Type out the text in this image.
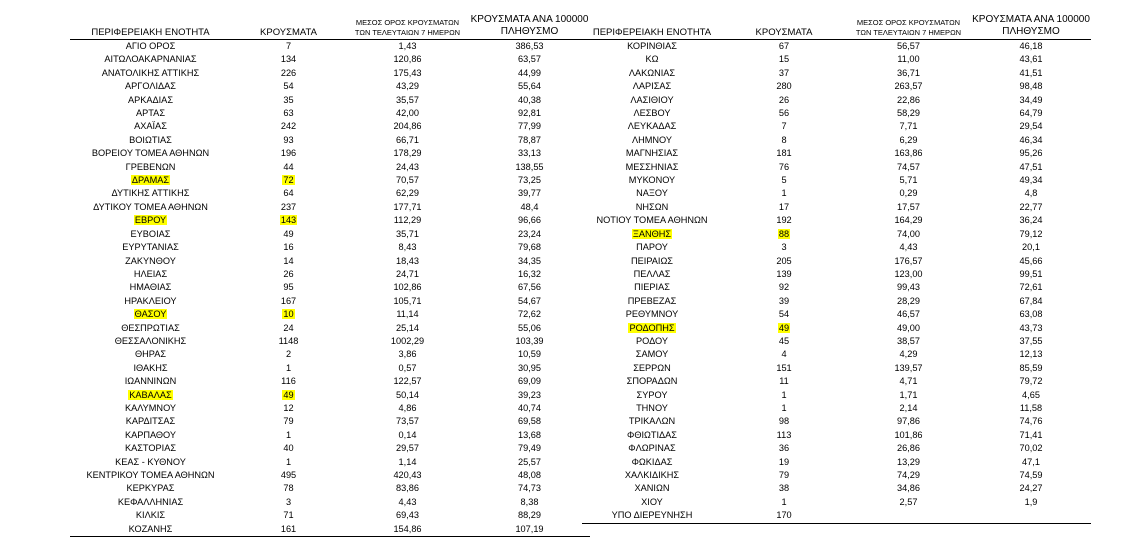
ΠΕΡΙΦΕΡΕΙΑΚΗ ΕΝΟΤΗΤΑ	ΚΡΟΥΣΜΑΤΑ	ΜΕΣΟΣ ΟΡΟΣ ΚΡΟΥΣΜΑΤΩΝ
ΤΩΝ ΤΕΛΕΥΤΑΙΩΝ 7 ΗΜΕΡΩΝ	ΚΡΟΥΣΜΑΤΑ ΑΝΑ 100000
ΠΛΗΘΥΣΜΟ
ΑΓΙΟ ΟΡΟΣ	7	1,43	386,53
ΑΙΤΩΛΟΑΚΑΡΝΑΝΙΑΣ	134	120,86	63,57
ΑΝΑΤΟΛΙΚΗΣ ΑΤΤΙΚΗΣ	226	175,43	44,99
ΑΡΓΟΛΙΔΑΣ	54	43,29	55,64
ΑΡΚΑΔΙΑΣ	35	35,57	40,38
ΑΡΤΑΣ	63	42,00	92,81
ΑΧΑΪΑΣ	242	204,86	77,99
ΒΟΙΩΤΙΑΣ	93	66,71	78,87
ΒΟΡΕΙΟΥ ΤΟΜΕΑ ΑΘΗΝΩΝ	196	178,29	33,13
ΓΡΕΒΕΝΩΝ	44	24,43	138,55
ΔΡΑΜΑΣ	72	70,57	73,25
ΔΥΤΙΚΗΣ ΑΤΤΙΚΗΣ	64	62,29	39,77
ΔΥΤΙΚΟΥ ΤΟΜΕΑ ΑΘΗΝΩΝ	237	177,71	48,4
ΕΒΡΟΥ	143	112,29	96,66
ΕΥΒΟΙΑΣ	49	35,71	23,24
ΕΥΡΥΤΑΝΙΑΣ	16	8,43	79,68
ΖΑΚΥΝΘΟΥ	14	18,43	34,35
ΗΛΕΙΑΣ	26	24,71	16,32
ΗΜΑΘΙΑΣ	95	102,86	67,56
ΗΡΑΚΛΕΙΟΥ	167	105,71	54,67
ΘΑΣΟΥ	10	11,14	72,62
ΘΕΣΠΡΩΤΙΑΣ	24	25,14	55,06
ΘΕΣΣΑΛΟΝΙΚΗΣ	1148	1002,29	103,39
ΘΗΡΑΣ	2	3,86	10,59
ΙΘΑΚΗΣ	1	0,57	30,95
ΙΩΑΝΝΙΝΩΝ	116	122,57	69,09
ΚΑΒΑΛΑΣ	49	50,14	39,23
ΚΑΛΥΜΝΟΥ	12	4,86	40,74
ΚΑΡΔΙΤΣΑΣ	79	73,57	69,58
ΚΑΡΠΑΘΟΥ	1	0,14	13,68
ΚΑΣΤΟΡΙΑΣ	40	29,57	79,49
ΚΕΑΣ - ΚΥΘΝΟΥ	1	1,14	25,57
ΚΕΝΤΡΙΚΟΥ ΤΟΜΕΑ ΑΘΗΝΩΝ	495	420,43	48,08
ΚΕΡΚΥΡΑΣ	78	83,86	74,73
ΚΕΦΑΛΛΗΝΙΑΣ	3	4,43	8,38
ΚΙΛΚΙΣ	71	69,43	88,29
ΚΟΖΑΝΗΣ	161	154,86	107,19
ΠΕΡΙΦΕΡΕΙΑΚΗ ΕΝΟΤΗΤΑ	ΚΡΟΥΣΜΑΤΑ	ΜΕΣΟΣ ΟΡΟΣ ΚΡΟΥΣΜΑΤΩΝ
ΤΩΝ ΤΕΛΕΥΤΑΙΩΝ 7 ΗΜΕΡΩΝ	ΚΡΟΥΣΜΑΤΑ ΑΝΑ 100000
ΠΛΗΘΥΣΜΟ
ΚΟΡΙΝΘΙΑΣ	67	56,57	46,18
ΚΩ	15	11,00	43,61
ΛΑΚΩΝΙΑΣ	37	36,71	41,51
ΛΑΡΙΣΑΣ	280	263,57	98,48
ΛΑΣΙΘΙΟΥ	26	22,86	34,49
ΛΕΣΒΟΥ	56	58,29	64,79
ΛΕΥΚΑΔΑΣ	7	7,71	29,54
ΛΗΜΝΟΥ	8	6,29	46,34
ΜΑΓΝΗΣΙΑΣ	181	163,86	95,26
ΜΕΣΣΗΝΙΑΣ	76	74,57	47,51
ΜΥΚΟΝΟΥ	5	5,71	49,34
ΝΑΞΟΥ	1	0,29	4,8
ΝΗΣΩΝ	17	17,57	22,77
ΝΟΤΙΟΥ ΤΟΜΕΑ ΑΘΗΝΩΝ	192	164,29	36,24
ΞΑΝΘΗΣ	88	74,00	79,12
ΠΑΡΟΥ	3	4,43	20,1
ΠΕΙΡΑΙΩΣ	205	176,57	45,66
ΠΕΛΛΑΣ	139	123,00	99,51
ΠΙΕΡΙΑΣ	92	99,43	72,61
ΠΡΕΒΕΖΑΣ	39	28,29	67,84
ΡΕΘΥΜΝΟΥ	54	46,57	63,08
ΡΟΔΟΠΗΣ	49	49,00	43,73
ΡΟΔΟΥ	45	38,57	37,55
ΣΑΜΟΥ	4	4,29	12,13
ΣΕΡΡΩΝ	151	139,57	85,59
ΣΠΟΡΑΔΩΝ	11	4,71	79,72
ΣΥΡΟΥ	1	1,71	4,65
ΤΗΝΟΥ	1	2,14	11,58
ΤΡΙΚΑΛΩΝ	98	97,86	74,76
ΦΘΙΩΤΙΔΑΣ	113	101,86	71,41
ΦΛΩΡΙΝΑΣ	36	26,86	70,02
ΦΩΚΙΔΑΣ	19	13,29	47,1
ΧΑΛΚΙΔΙΚΗΣ	79	74,29	74,59
ΧΑΝΙΩΝ	38	34,86	24,27
ΧΙΟΥ	1	2,57	1,9
ΥΠΟ ΔΙΕΡΕΥΝΗΣΗ	170		
